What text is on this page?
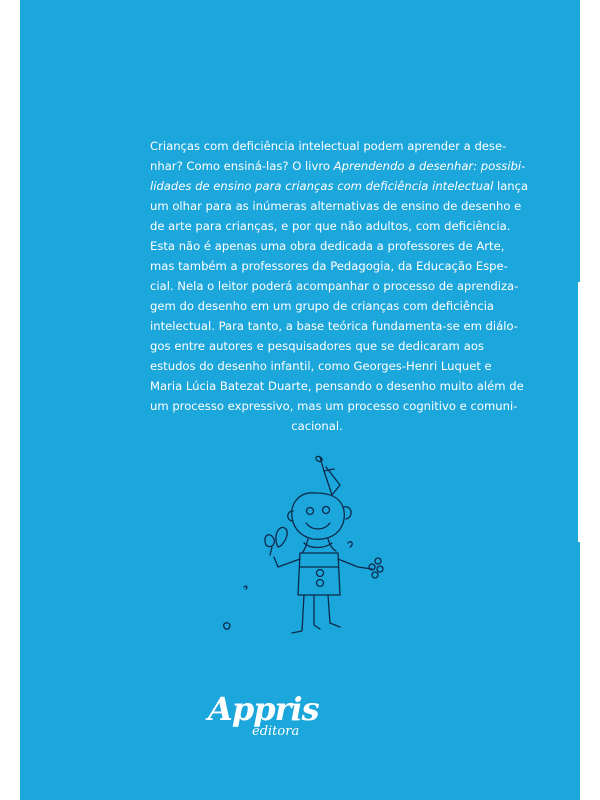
Crianças com deficiência intelectual podem aprender a dese-
nhar? Como ensiná-las? O livro Aprendendo a desenhar: possibi-
lidades de ensino para crianças com deficiência intelectual lança
um olhar para as inúmeras alternativas de ensino de desenho e
de arte para crianças, e por que não adultos, com deficiência.
Esta não é apenas uma obra dedicada a professores de Arte,
mas também a professores da Pedagogia, da Educação Espe-
cial. Nela o leitor poderá acompanhar o processo de aprendiza-
gem do desenho em um grupo de crianças com deficiência
intelectual. Para tanto, a base teórica fundamenta-se em diálo-
gos entre autores e pesquisadores que se dedicaram aos
estudos do desenho infantil, como Georges-Henri Luquet e
Maria Lúcia Batezat Duarte, pensando o desenho muito além de
um processo expressivo, mas um processo cognitivo e comuni-
cacional.
Appris
editora
